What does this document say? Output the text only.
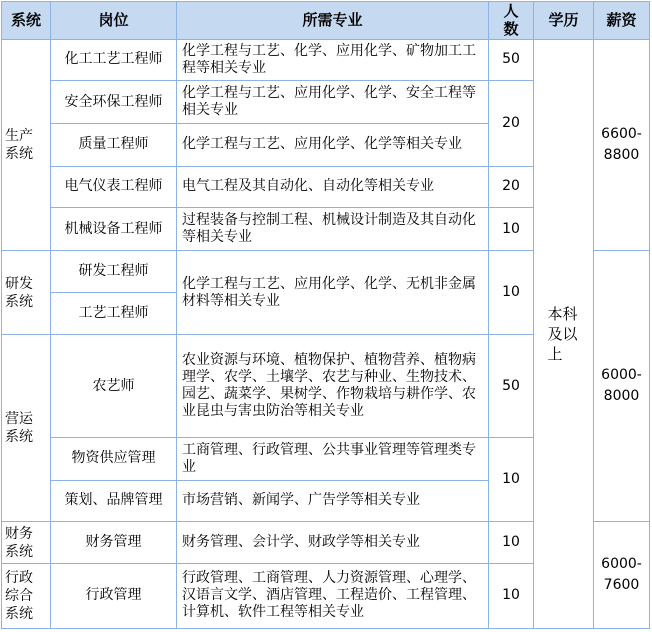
系统	岗位	所需专业	人数	学历	薪资
生产系统	化工工艺工程师	化学工程与工艺、化学、应用化学、矿物加工工程等相关专业	50	本科及以上	6600-8800
	安全环保工程师	化学工程与工艺、应用化学、化学、安全工程等相关专业	20		
	质量工程师	化学工程与工艺、应用化学、化学等相关专业			
	电气仪表工程师	电气工程及其自动化、自动化等相关专业	20		
	机械设备工程师	过程装备与控制工程、机械设计制造及其自动化等相关专业	10		
研发系统	研发工程师	化学工程与工艺、应用化学、化学、无机非金属材料等相关专业	10		6000-8000
	工艺工程师				
营运系统	农艺师	农业资源与环境、植物保护、植物营养、植物病理学、农学、土壤学、农艺与种业、生物技术、园艺、蔬菜学、果树学、作物栽培与耕作学、农业昆虫与害虫防治等相关专业	50		
	物资供应管理	工商管理、行政管理、公共事业管理等管理类专业	10		
	策划、品牌管理	市场营销、新闻学、广告学等相关专业			
财务系统	财务管理	财务管理、会计学、财政学等相关专业	10		6000-7600
行政综合系统	行政管理	行政管理、工商管理、人力资源管理、心理学、汉语言文学、酒店管理、工程造价、工程管理、计算机、软件工程等相关专业	10		
